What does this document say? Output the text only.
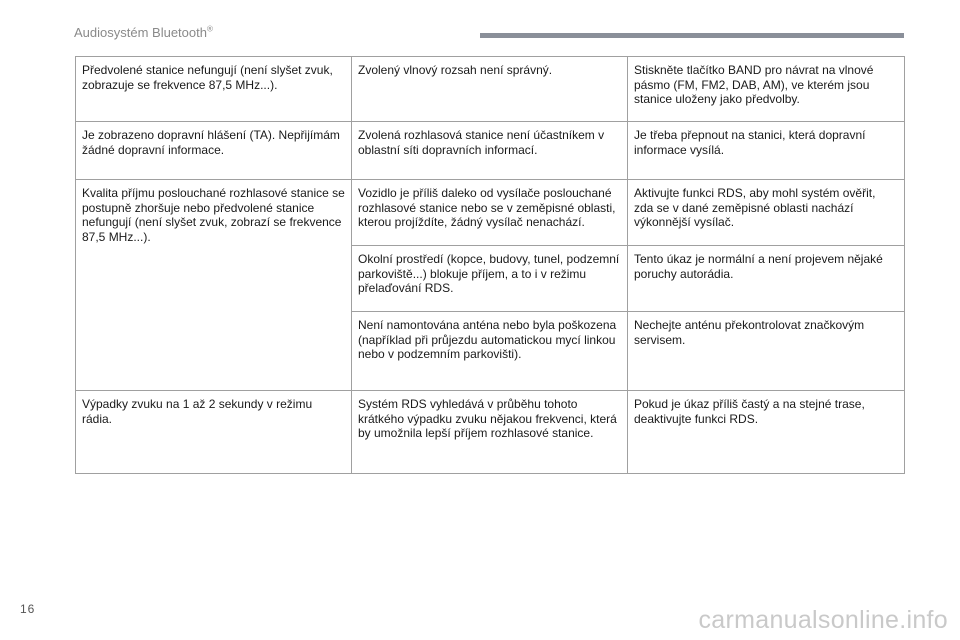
Audiosystém Bluetooth®
Předvolené stanice nefungují (není slyšet zvuk, zobrazuje se frekvence 87,5 MHz...).	Zvolený vlnový rozsah není správný.	Stiskněte tlačítko BAND pro návrat na vlnové pásmo (FM, FM2, DAB, AM), ve kterém jsou stanice uloženy jako předvolby.
Je zobrazeno dopravní hlášení (TA). Nepřijímám žádné dopravní informace.	Zvolená rozhlasová stanice není účastníkem v oblastní síti dopravních informací.	Je třeba přepnout na stanici, která dopravní informace vysílá.
Kvalita příjmu poslouchané rozhlasové stanice se postupně zhoršuje nebo předvolené stanice nefungují (není slyšet zvuk, zobrazí se frekvence 87,5 MHz...).	Vozidlo je příliš daleko od vysílače poslouchané rozhlasové stanice nebo se v zeměpisné oblasti, kterou projíždíte, žádný vysílač nenachází.	Aktivujte funkci RDS, aby mohl systém ověřit, zda se v dané zeměpisné oblasti nachází výkonnější vysílač.
	Okolní prostředí (kopce, budovy, tunel, podzemní parkoviště...) blokuje příjem, a to i v režimu přelaďování RDS.	Tento úkaz je normální a není projevem nějaké poruchy autorádia.
	Není namontována anténa nebo byla poškozena (například při průjezdu automatickou mycí linkou nebo v podzemním parkovišti).	Nechejte anténu překontrolovat značkovým servisem.
Výpadky zvuku na 1 až 2 sekundy v režimu rádia.	Systém RDS vyhledává v průběhu tohoto krátkého výpadku zvuku nějakou frekvenci, která by umožnila lepší příjem rozhlasové stanice.	Pokud je úkaz příliš častý a na stejné trase, deaktivujte funkci RDS.
16	carmanualsonline.info
